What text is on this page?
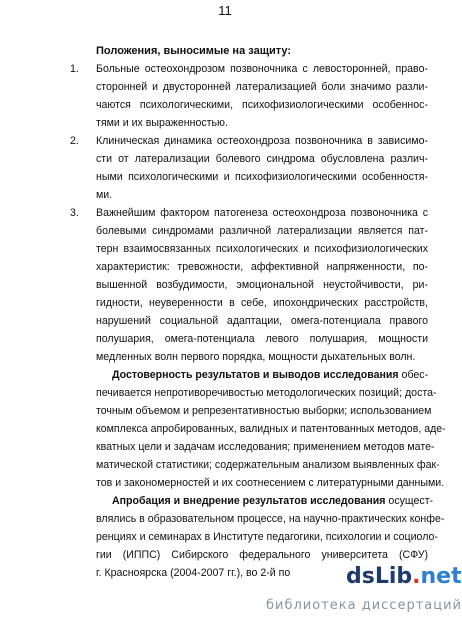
11
Положения, выносимые на защиту:
1. Больные остеохондрозом позвоночника с левосторонней, право-
сторонней и двусторонней латерализацией боли значимо разли-
чаются психологическими, психофизиологическими особеннос-
тями и их выраженностью.
2. Клиническая динамика остеохондроза позвоночника в зависимо-
сти от латерализации болевого синдрома обусловлена различ-
ными психологическими и психофизиологическими особенностя-
ми.
3. Важнейшим фактором патогенеза остеохондроза позвоночника с
болевыми синдромами различной латерализации является пат-
терн взаимосвязанных психологических и психофизиологических
характеристик: тревожности, аффективной напряженности, по-
вышенной возбудимости, эмоциональной неустойчивости, ри-
гидности, неуверенности в себе, ипохондрических расстройств,
нарушений социальной адаптации, омега-потенциала правого
полушария, омега-потенциала левого полушария, мощности
медленных волн первого порядка, мощности дыхательных волн.
Достоверность результатов и выводов исследования обес-
печивается непротиворечивостью методологических позиций; доста-
точным объемом и репрезентативностью выборки; использованием
комплекса апробированных, валидных и патентованных методов, аде-
кватных цели и задачам исследования; применением методов мате-
матической статистики; содержательным анализом выявленных фак-
тов и закономерностей и их соотнесением с литературными данными.
Апробация и внедрение результатов исследования осущест-
влялись в образовательном процессе, на научно-практических конфе-
ренциях и семинарах в Институте педагогики, психологии и социоло-
гии (ИППС) Сибирского федерального университета (СФУ)
г. Красноярска (2004-2007 гг.), во 2-й по	dsLib.net
библиотека диссертаций
